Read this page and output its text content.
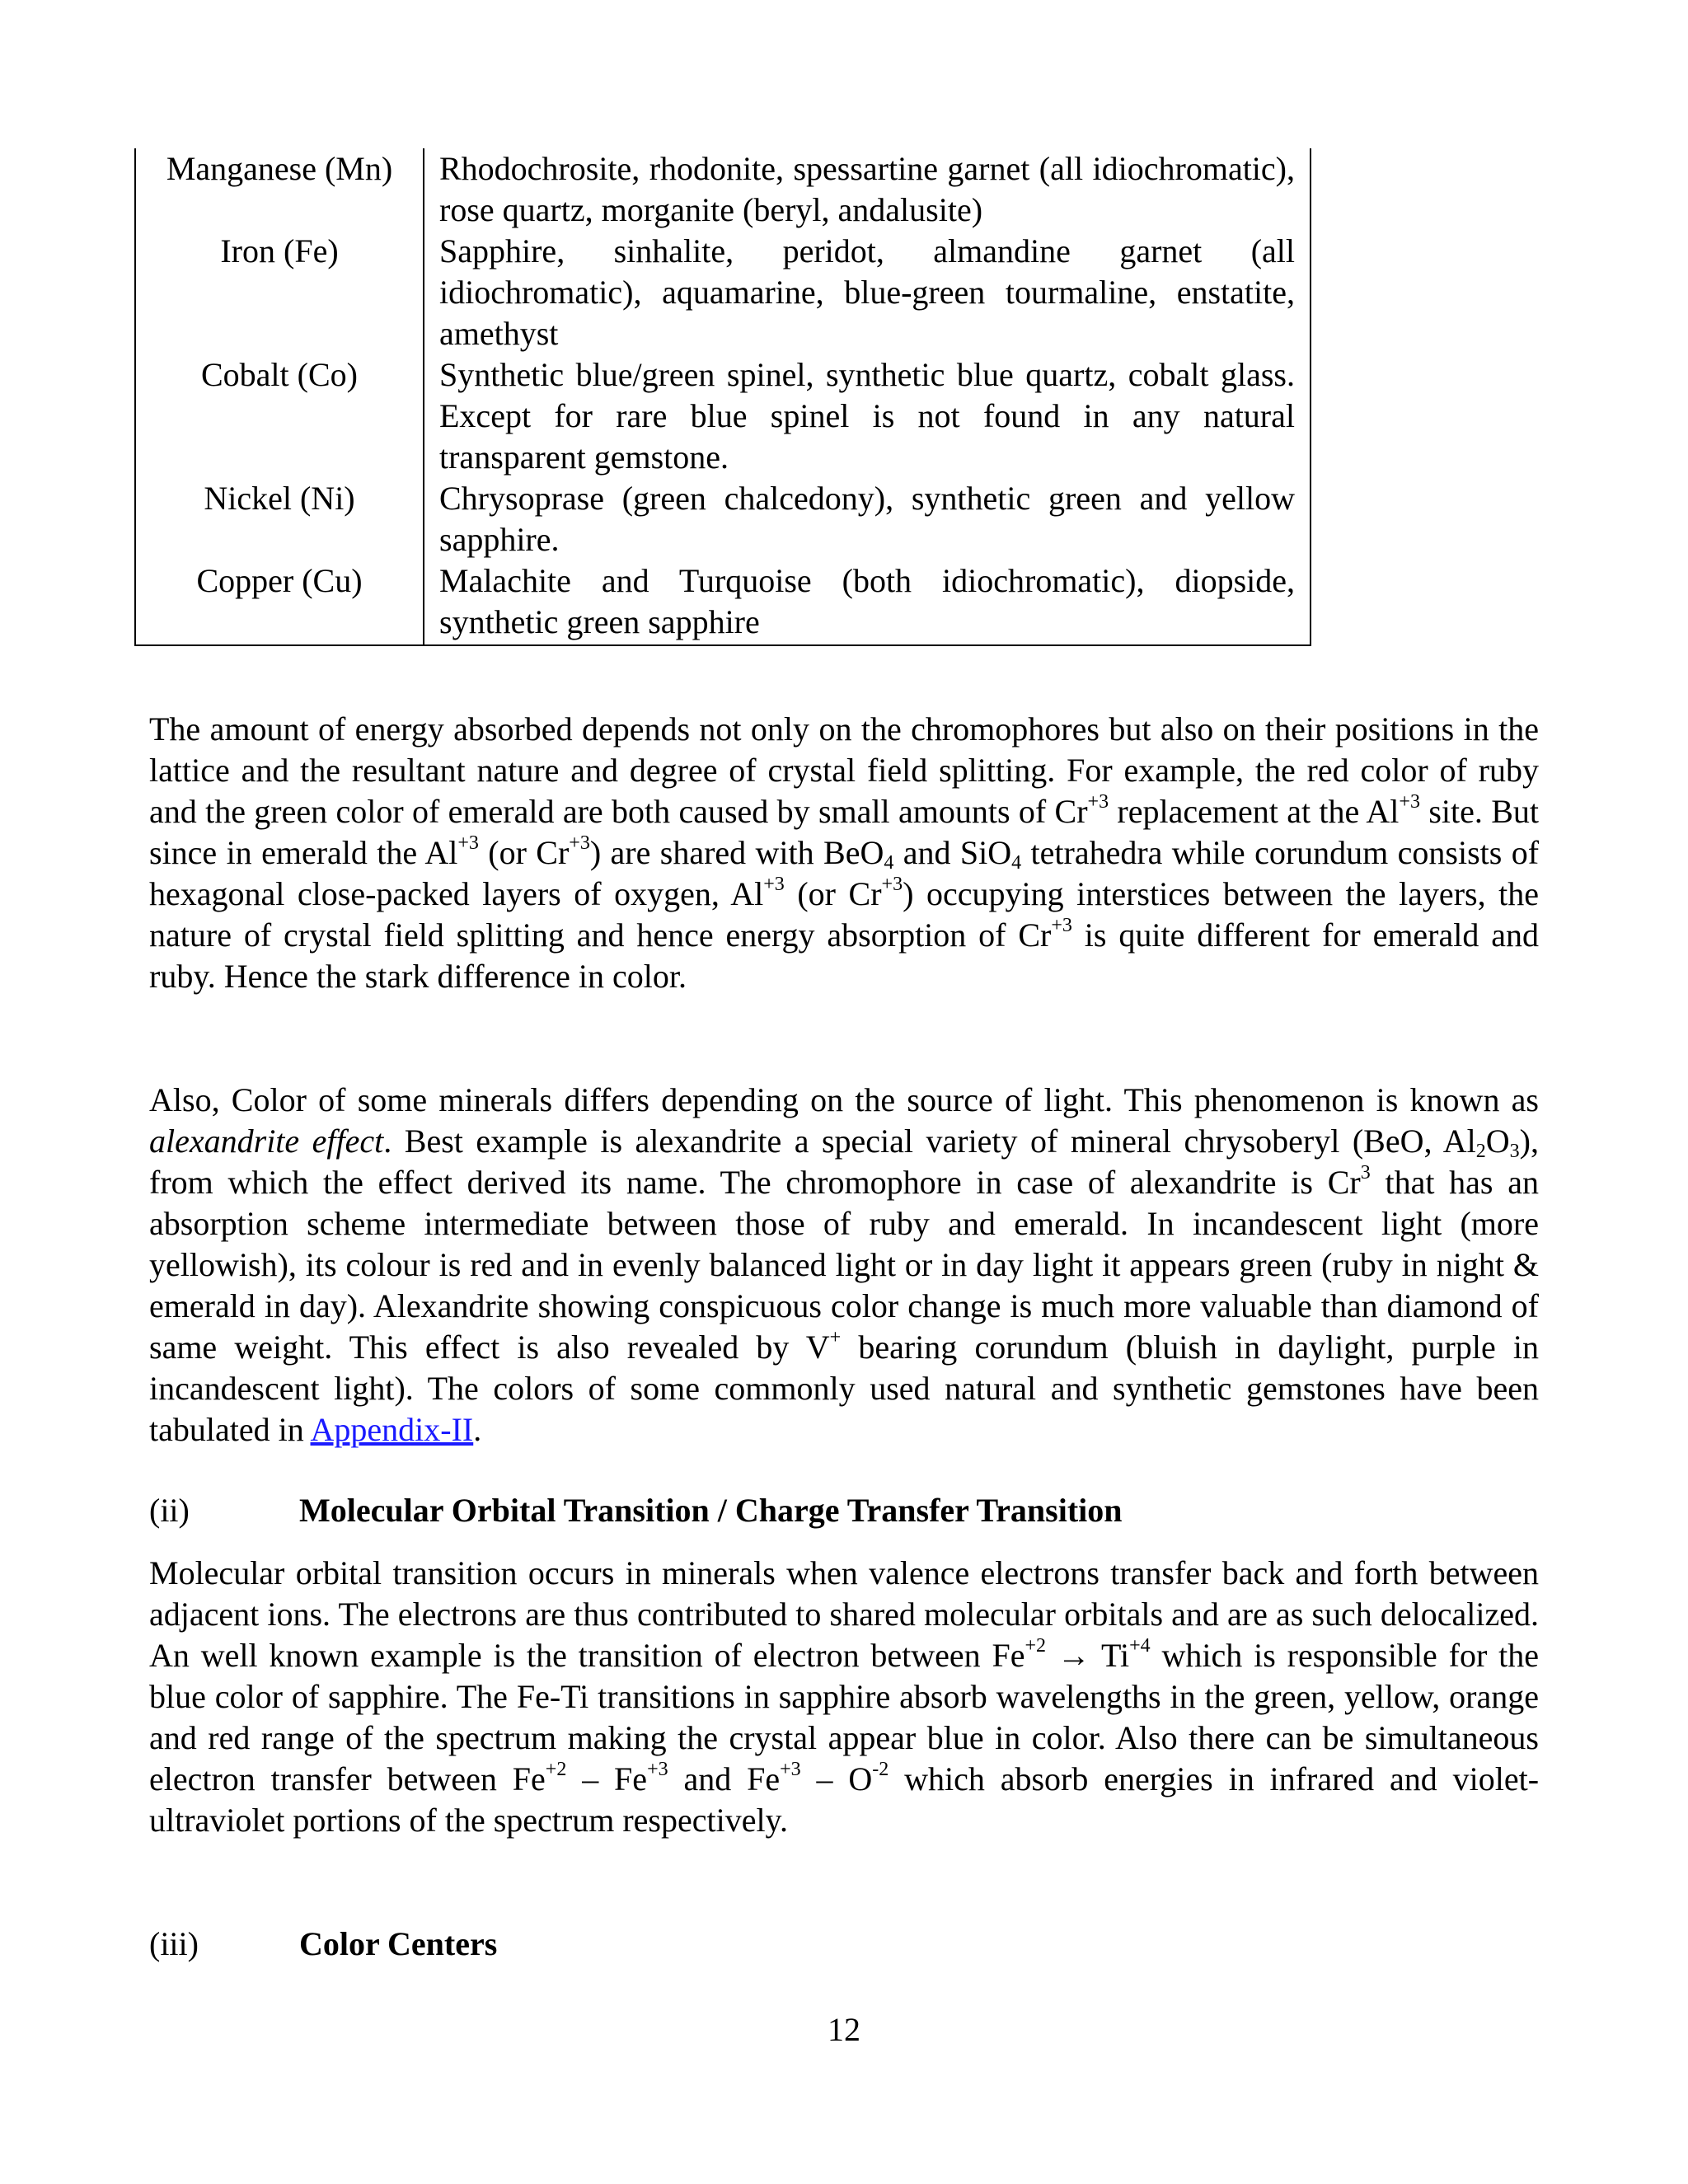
Manganese (Mn)	Rhodochrosite, rhodonite, spessartine garnet (all idiochromatic), rose quartz, morganite (beryl, andalusite)
Iron (Fe)	Sapphire, sinhalite, peridot, almandine garnet (all idiochromatic), aquamarine, blue-green tourmaline, enstatite, amethyst
Cobalt (Co)	Synthetic blue/green spinel, synthetic blue quartz, cobalt glass. Except for rare blue spinel is not found in any natural transparent gemstone.
Nickel (Ni)	Chrysoprase (green chalcedony), synthetic green and yellow sapphire.
Copper (Cu)	Malachite and Turquoise (both idiochromatic), diopside, synthetic green sapphire

The amount of energy absorbed depends not only on the chromophores but also on their positions in the lattice and the resultant nature and degree of crystal field splitting. For example, the red color of ruby and the green color of emerald are both caused by small amounts of $Cr^{+3}$ replacement at the $Al^{+3}$ site. But since in emerald the $Al^{+3}$ (or $Cr^{+3}$) are shared with BeO$_4$ and SiO$_4$ tetrahedra while corundum consists of hexagonal close-packed layers of oxygen, $Al^{+3}$ (or $Cr^{+3}$) occupying interstices between the layers, the nature of crystal field splitting and hence energy absorption of $Cr^{+3}$ is quite different for emerald and ruby. Hence the stark difference in color.

Also, Color of some minerals differs depending on the source of light. This phenomenon is known as alexandrite effect. Best example is alexandrite a special variety of mineral chrysoberyl (BeO, $Al_2O_3$), from which the effect derived its name. The chromophore in case of alexandrite is Cr$^3$ that has an absorption scheme intermediate between those of ruby and emerald. In incandescent light (more yellowish), its colour is red and in evenly balanced light or in day light it appears green (ruby in night & emerald in day). Alexandrite showing conspicuous color change is much more valuable than diamond of same weight. This effect is also revealed by V+ bearing corundum (bluish in daylight, purple in incandescent light). The colors of some commonly used natural and synthetic gemstones have been tabulated in Appendix-II.

(ii)	Molecular Orbital Transition / Charge Transfer Transition

Molecular orbital transition occurs in minerals when valence electrons transfer back and forth between adjacent ions. The electrons are thus contributed to shared molecular orbitals and are as such delocalized. An well known example is the transition of electron between $Fe^{+2} \to Ti^{+4}$ which is responsible for the blue color of sapphire. The Fe-Ti transitions in sapphire absorb wavelengths in the green, yellow, orange and red range of the spectrum making the crystal appear blue in color. Also there can be simultaneous electron transfer between $Fe^{+2} - Fe^{+3}$ and $Fe^{+3} - O^{-2}$ which absorb energies in infrared and violet-ultraviolet portions of the spectrum respectively.

(iii)	Color Centers
12
